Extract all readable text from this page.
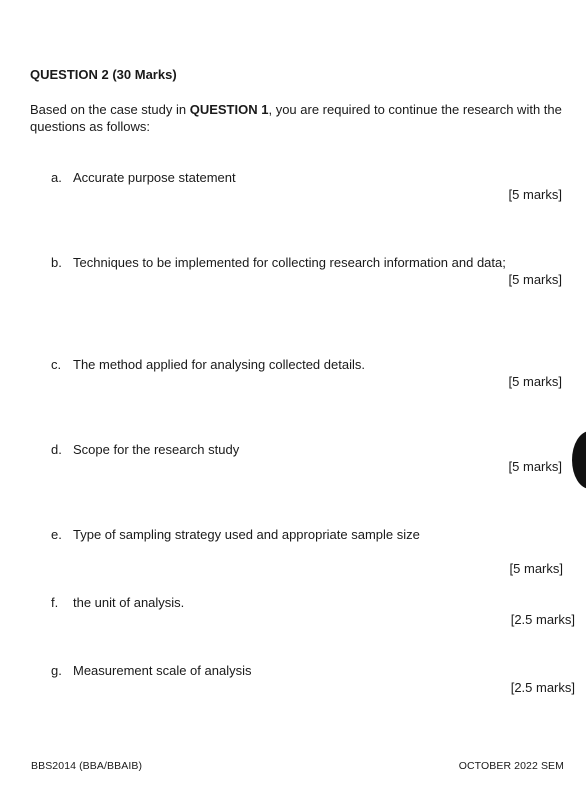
QUESTION 2 (30 Marks)
Based on the case study in QUESTION 1, you are required to continue the research with the questions as follows:
a. Accurate purpose statement
[5 marks]
b. Techniques to be implemented for collecting research information and data;
[5 marks]
c. The method applied for analysing collected details.
[5 marks]
d. Scope for the research study
[5 marks]
e. Type of sampling strategy used and appropriate sample size
[5 marks]
f. the unit of analysis.
[2.5 marks]
g. Measurement scale of analysis
[2.5 marks]
BBS2014 (BBA/BBAIB)	OCTOBER 2022 SEM
